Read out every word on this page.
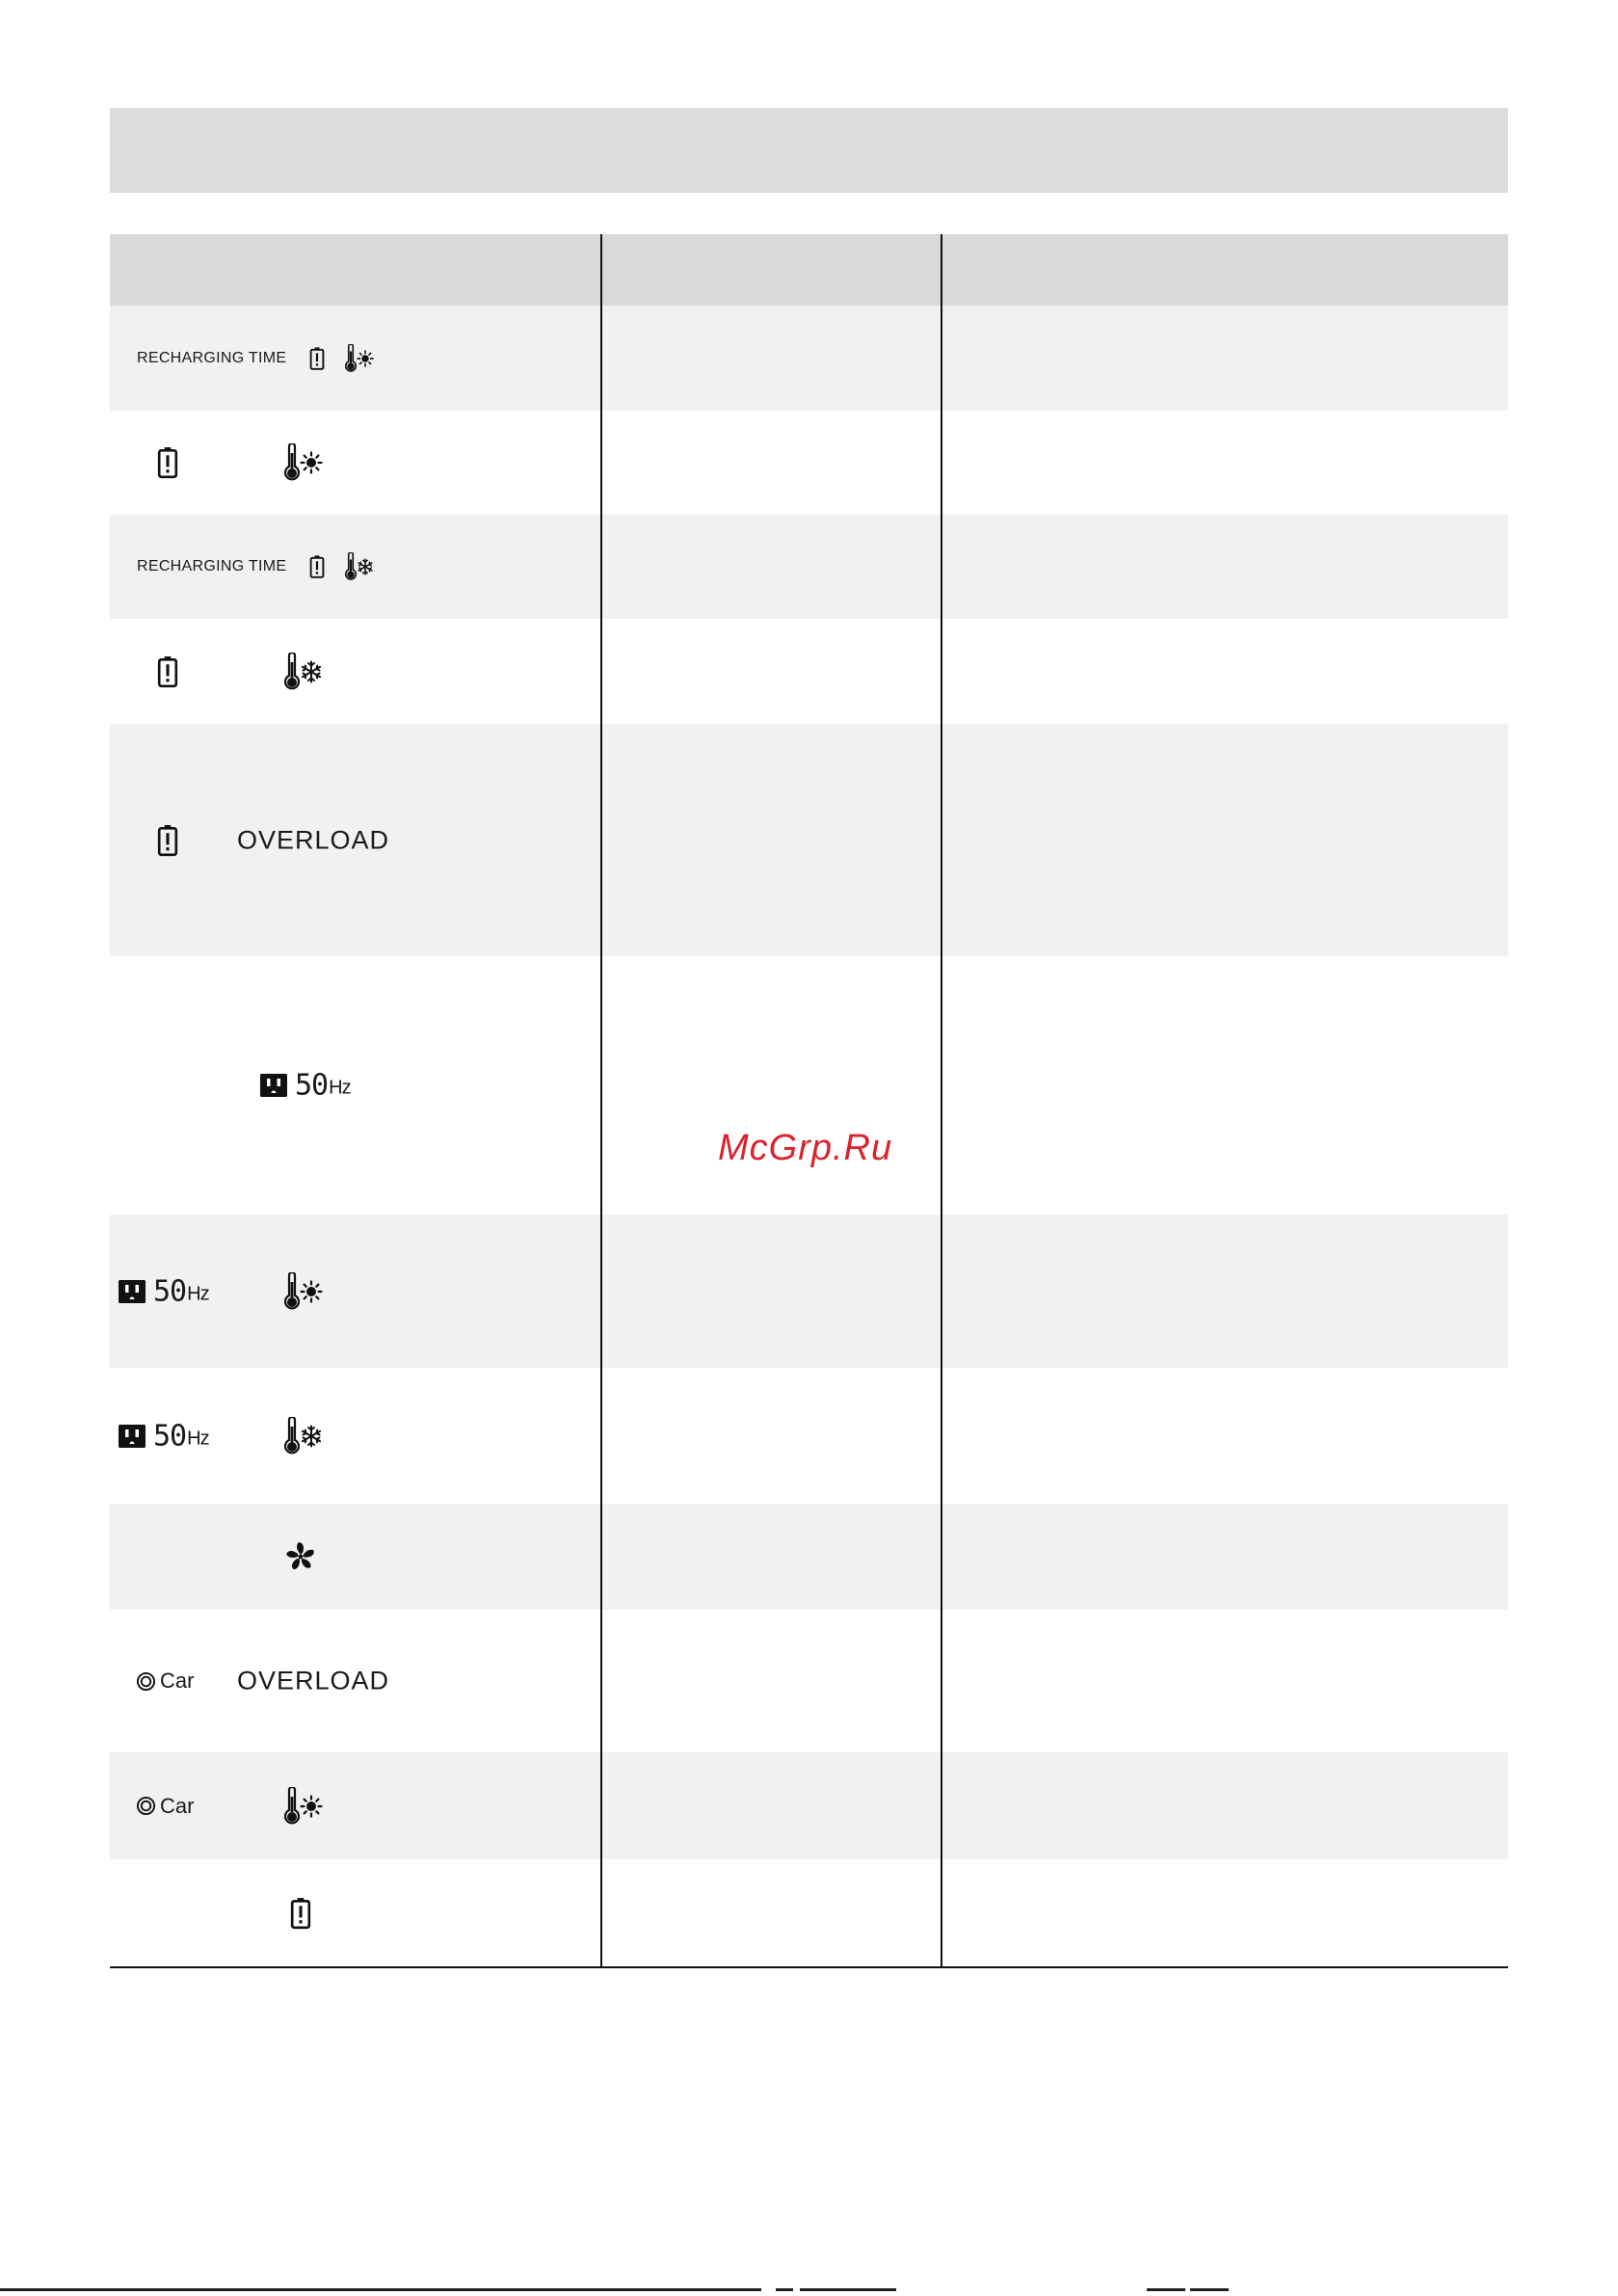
RECHARGING TIME
RECHARGING TIME
OVERLOAD
50 Hz
50 Hz
50 Hz
Car OVERLOAD
Car
McGrp.Ru
